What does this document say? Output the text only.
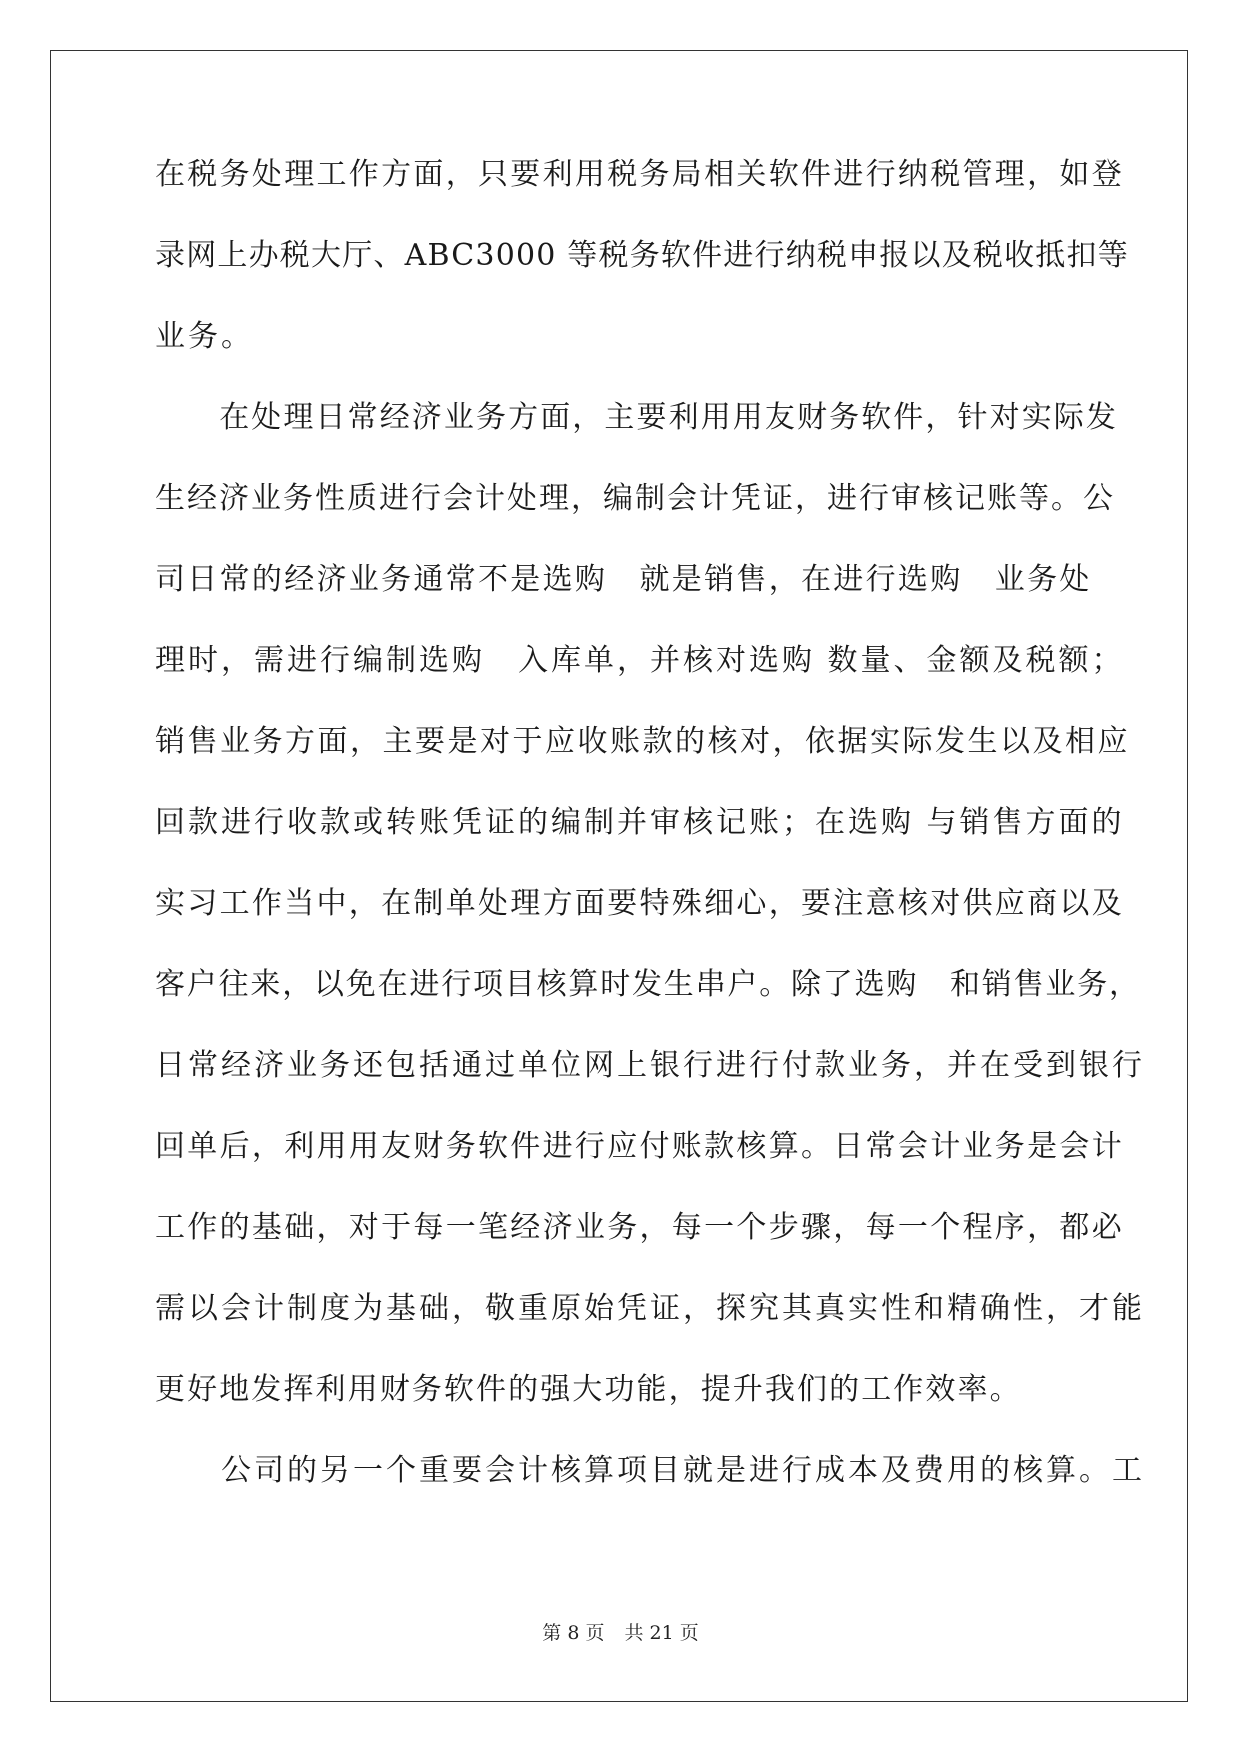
在税务处理工作方面，只要利用税务局相关软件进行纳税管理，如登
录网上办税大厅、ABC3000 等税务软件进行纳税申报以及税收抵扣等
业务。
　　在处理日常经济业务方面，主要利用用友财务软件，针对实际发
生经济业务性质进行会计处理，编制会计凭证，进行审核记账等。公
司日常的经济业务通常不是选购　就是销售，在进行选购　业务处
理时，需进行编制选购　入库单，并核对选购 数量、金额及税额；
销售业务方面，主要是对于应收账款的核对，依据实际发生以及相应
回款进行收款或转账凭证的编制并审核记账；在选购 与销售方面的
实习工作当中，在制单处理方面要特殊细心，要注意核对供应商以及
客户往来，以免在进行项目核算时发生串户。除了选购　和销售业务，
日常经济业务还包括通过单位网上银行进行付款业务，并在受到银行
回单后，利用用友财务软件进行应付账款核算。日常会计业务是会计
工作的基础，对于每一笔经济业务，每一个步骤，每一个程序，都必
需以会计制度为基础，敬重原始凭证，探究其真实性和精确性，才能
更好地发挥利用财务软件的强大功能，提升我们的工作效率。
　　公司的另一个重要会计核算项目就是进行成本及费用的核算。工
第 8 页 共 21 页
